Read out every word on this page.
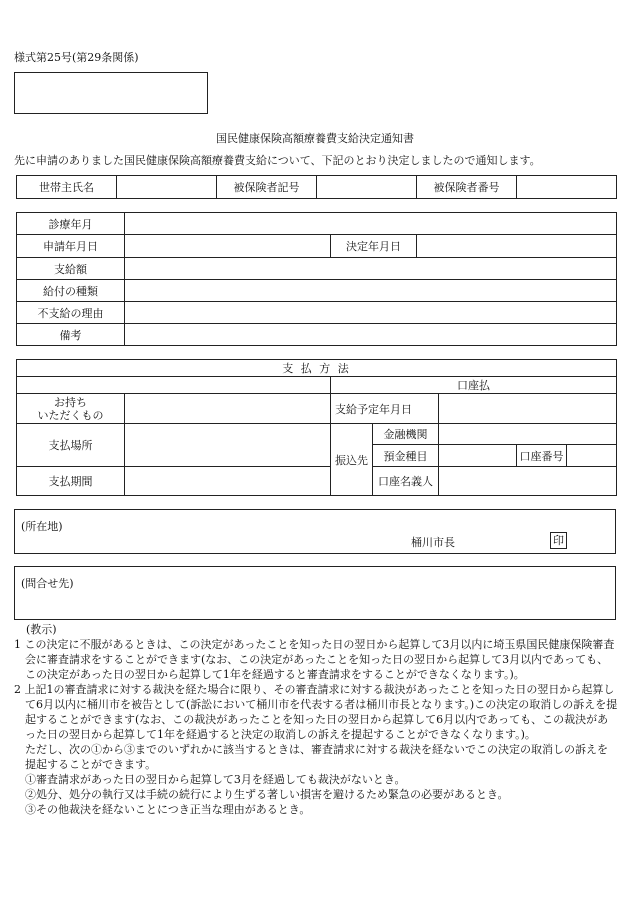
様式第25号(第29条関係)
国民健康保険高額療養費支給決定通知書
先に申請のありました国民健康保険高額療養費支給について、下記のとおり決定しましたので通知します。
世帯主氏名		被保険者記号		被保険者番号	
診療年月			
申請年月日		決定年月日	
支給額			
給付の種類			
不支給の理由			
備考			
支 払 方 法						
		口座払				
お持ち
いただくもの		支給予定年月日				
支払場所		振込先	金融機関			
			預金種目		口座番号	
支払期間			口座名義人			
(所在地)
桶川市長	印
(問合せ先)

(教示)

1 この決定に不服があるときは、この決定があったことを知った日の翌日から起算して3月以内に埼玉県国民健康保険審査会に審査請求をすることができます(なお、この決定があったことを知った日の翌日から起算して3月以内であっても、この決定があった日の翌日から起算して1年を経過すると審査請求をすることができなくなります。)。

2 上記1の審査請求に対する裁決を経た場合に限り、その審査請求に対する裁決があったことを知った日の翌日から起算して6月以内に桶川市を被告として(訴訟において桶川市を代表する者は桶川市長となります。)この決定の取消しの訴えを提起することができます(なお、この裁決があったことを知った日の翌日から起算して6月以内であっても、この裁決があった日の翌日から起算して1年を経過すると決定の取消しの訴えを提起することができなくなります。)。

ただし、次の①から③までのいずれかに該当するときは、審査請求に対する裁決を経ないでこの決定の取消しの訴えを提起することができます。

①審査請求があった日の翌日から起算して3月を経過しても裁決がないとき。

②処分、処分の執行又は手続の続行により生ずる著しい損害を避けるため緊急の必要があるとき。

③その他裁決を経ないことにつき正当な理由があるとき。
